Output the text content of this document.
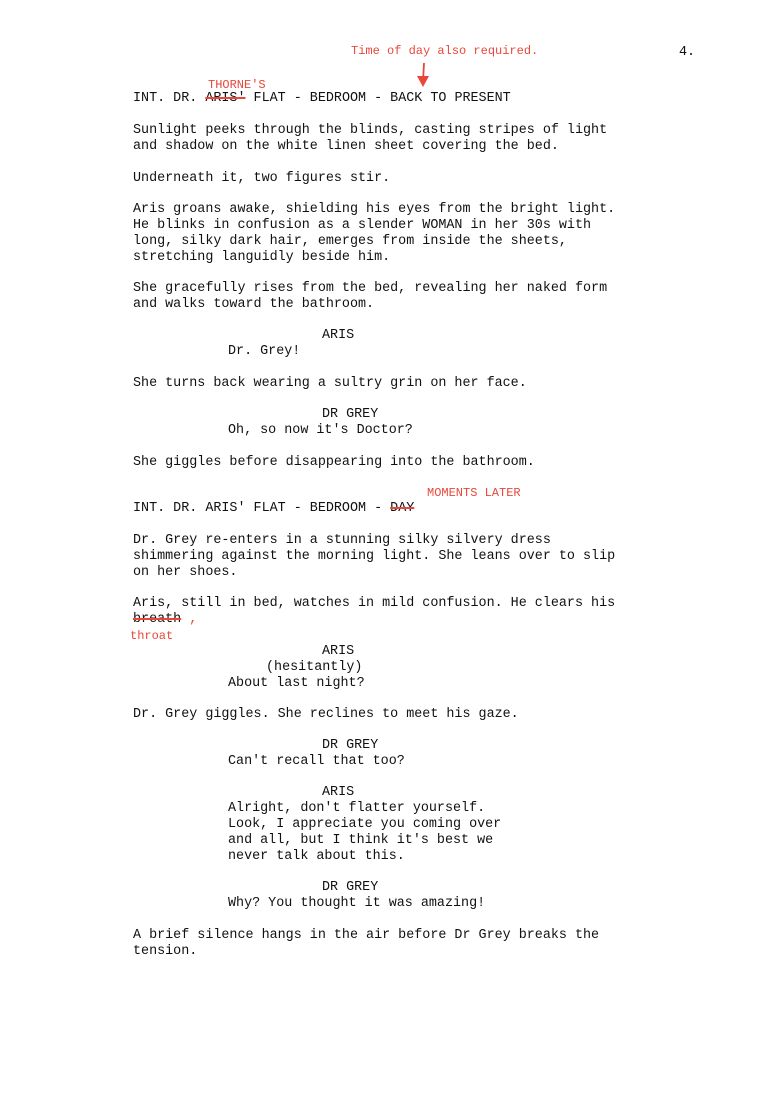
Time of day also required.	4.
THORNE'S
INT. DR. ARIS' FLAT - BEDROOM - BACK TO PRESENT
Sunlight peeks through the blinds, casting stripes of light
and shadow on the white linen sheet covering the bed.
Underneath it, two figures stir.
Aris groans awake, shielding his eyes from the bright light.
He blinks in confusion as a slender WOMAN in her 30s with
long, silky dark hair, emerges from inside the sheets,
stretching languidly beside him.
She gracefully rises from the bed, revealing her naked form
and walks toward the bathroom.
ARIS
Dr. Grey!
She turns back wearing a sultry grin on her face.
DR GREY
Oh, so now it's Doctor?
She giggles before disappearing into the bathroom.
MOMENTS LATER
INT. DR. ARIS' FLAT - BEDROOM - DAY
Dr. Grey re-enters in a stunning silky silvery dress
shimmering against the morning light. She leans over to slip
on her shoes.
Aris, still in bed, watches in mild confusion. He clears his
breath ,
throat
ARIS
(hesitantly)
About last night?
Dr. Grey giggles. She reclines to meet his gaze.
DR GREY
Can't recall that too?
ARIS
Alright, don't flatter yourself.
Look, I appreciate you coming over
and all, but I think it's best we
never talk about this.
DR GREY
Why? You thought it was amazing!
A brief silence hangs in the air before Dr Grey breaks the
tension.
